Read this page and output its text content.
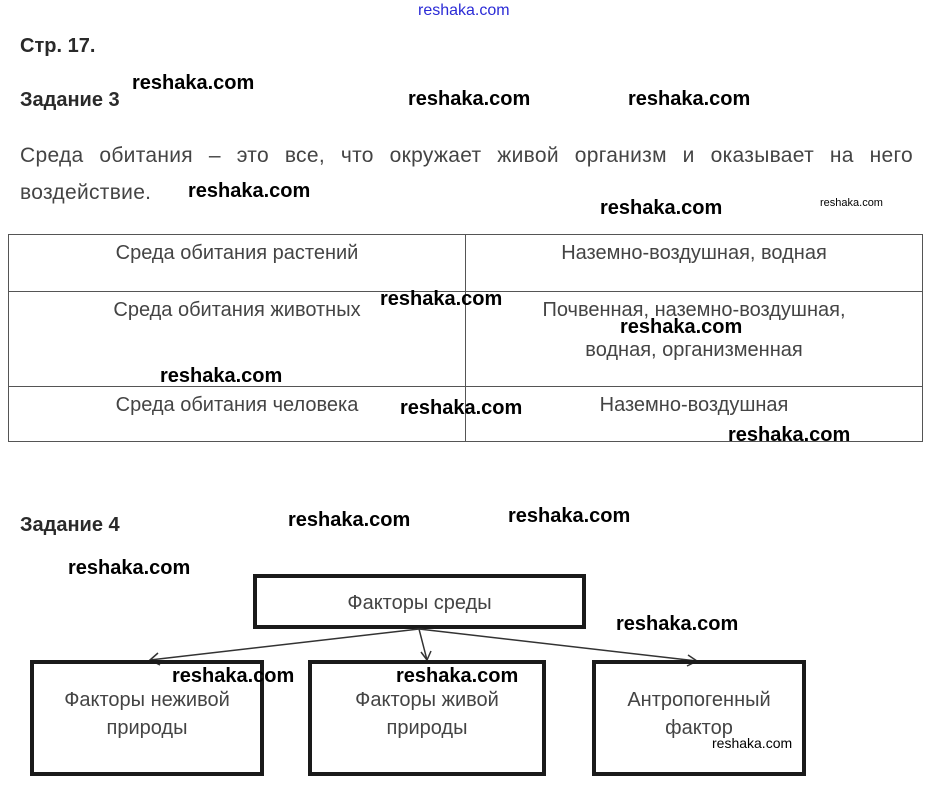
reshaka.com
Стр. 17.
Задание 3
Среда обитания – это все, что окружает живой организм и оказывает на него
воздействие.
Среда обитания растений	Наземно-воздушная, водная
Среда обитания животных	Почвенная, наземно-воздушная,
водная, организменная

Среда обитания человека	Наземно-воздушная
Задание 4
Факторы среды
Факторы неживой
природы
Факторы живой
природы
Антропогенный
фактор
reshaka.com
reshaka.com	reshaka.com
reshaka.com
reshaka.com	reshaka.com
reshaka.com
reshaka.com
reshaka.com
reshaka.com
reshaka.com
reshaka.com	reshaka.com
reshaka.com
reshaka.com
reshaka.com	reshaka.com
reshaka.com
